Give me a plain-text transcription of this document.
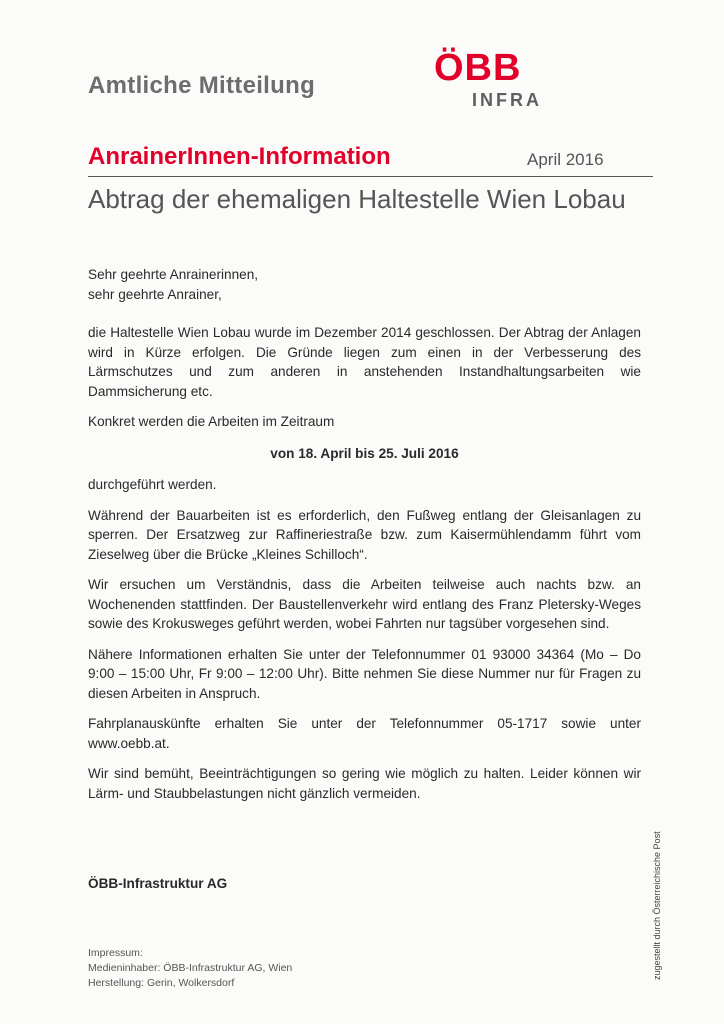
Amtliche Mitteilung	ÖBB
INFRA
AnrainerInnen-Information	April 2016
Abtrag der ehemaligen Haltestelle Wien Lobau

Sehr geehrte Anrainerinnen,
sehr geehrte Anrainer,

die Haltestelle Wien Lobau wurde im Dezember 2014 geschlossen. Der Abtrag der Anlagen wird in Kürze erfolgen. Die Gründe liegen zum einen in der Verbesserung des Lärmschutzes und zum anderen in anstehenden Instandhaltungsarbeiten wie Dammsicherung etc.

Konkret werden die Arbeiten im Zeitraum

von 18. April bis 25. Juli 2016

durchgeführt werden.

Während der Bauarbeiten ist es erforderlich, den Fußweg entlang der Gleisanlagen zu sperren. Der Ersatzweg zur Raffineriestraße bzw. zum Kaisermühlendamm führt vom Zieselweg über die Brücke „Kleines Schilloch“.

Wir ersuchen um Verständnis, dass die Arbeiten teilweise auch nachts bzw. an Wochenenden stattfinden. Der Baustellenverkehr wird entlang des Franz Pletersky-Weges sowie des Krokusweges geführt werden, wobei Fahrten nur tagsüber vorgesehen sind.

Nähere Informationen erhalten Sie unter der Telefonnummer 01 93000 34364 (Mo – Do 9:00 – 15:00 Uhr, Fr 9:00 – 12:00 Uhr). Bitte nehmen Sie diese Nummer nur für Fragen zu diesen Arbeiten in Anspruch.

Fahrplanauskünfte erhalten Sie unter der Telefonnummer 05-1717 sowie unter www.oebb.at.

Wir sind bemüht, Beeinträchtigungen so gering wie möglich zu halten. Leider können wir Lärm- und Staubbelastungen nicht gänzlich vermeiden.

ÖBB-Infrastruktur AG
Impressum:
Medieninhaber: ÖBB-Infrastruktur AG, Wien
Herstellung: Gerin, Wolkersdorf
zugestellt durch Österreichische Post
